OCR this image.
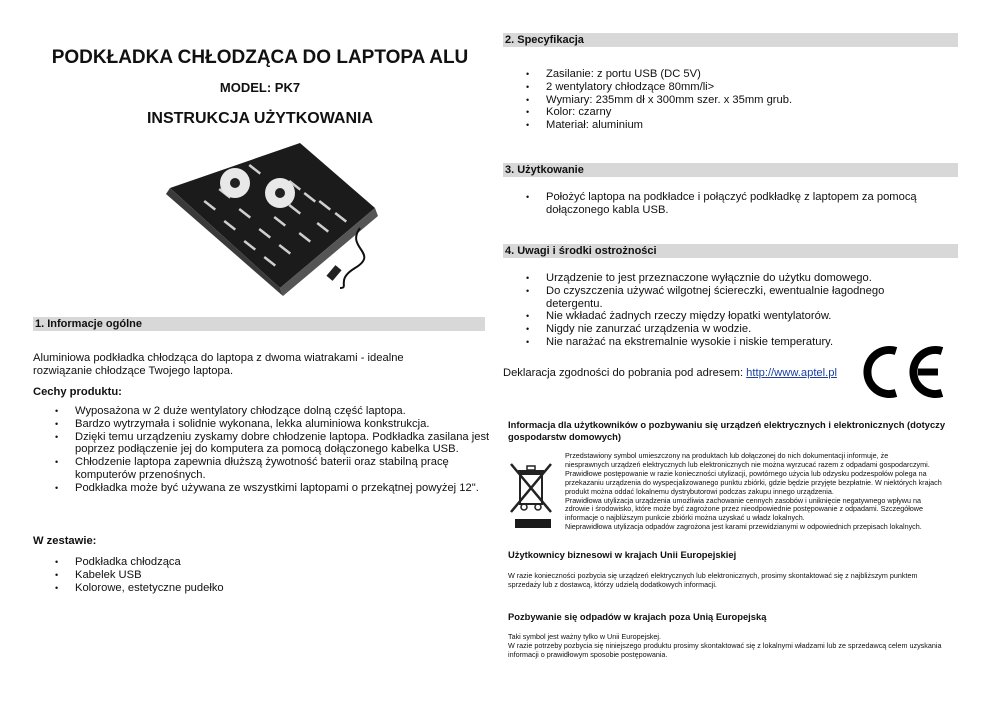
PODKŁADKA CHŁODZĄCA DO LAPTOPA ALU
MODEL: PK7
INSTRUKCJA UŻYTKOWANIA
1. Informacje ogólne
Aluminiowa podkładka chłodząca do laptopa z dwoma wiatrakami - idealne rozwiązanie chłodzące Twojego laptopa.
Cechy produktu:
• Wyposażona w 2 duże wentylatory chłodzące dolną część laptopa.
• Bardzo wytrzymała i solidnie wykonana, lekka aluminiowa konkstrukcja.
• Dzięki temu urządzeniu zyskamy dobre chłodzenie laptopa. Podkładka zasilana jest poprzez podłączenie jej do komputera za pomocą dołączonego kabelka USB.
• Chłodzenie laptopa zapewnia dłuższą żywotność baterii oraz stabilną pracę komputerów przenośnych.
• Podkładka może być używana ze wszystkimi laptopami o przekątnej powyżej 12".
W zestawie:
• Podkładka chłodząca
• Kabelek USB
• Kolorowe, estetyczne pudełko
2. Specyfikacja
• Zasilanie: z portu USB (DC 5V)
• 2 wentylatory chłodzące 80mm/li>
• Wymiary: 235mm dł x 300mm szer. x 35mm grub.
• Kolor: czarny
• Materiał: aluminium
3. Użytkowanie
• Położyć laptopa na podkładce i połączyć podkładkę z laptopem za pomocą dołączonego kabla USB.
4. Uwagi i środki ostrożności
• Urządzenie to jest przeznaczone wyłącznie do użytku domowego.
• Do czyszczenia używać wilgotnej ściereczki, ewentualnie łagodnego detergentu.
• Nie wkładać żadnych rzeczy między łopatki wentylatorów.
• Nigdy nie zanurzać urządzenia w wodzie.
• Nie narażać na ekstremalnie wysokie i niskie temperatury.
Deklaracja zgodności do pobrania pod adresem: http://www.aptel.pl
Informacja dla użytkowników o pozbywaniu się urządzeń elektrycznych i elektronicznych (dotyczy gospodarstw domowych)
Przedstawiony symbol umieszczony na produktach lub dołączonej do nich dokumentacji informuje, że
niesprawnych urządzeń elektrycznych lub elektronicznych nie można wyrzucać razem z odpadami gospodarczymi.
Prawidłowe postępowanie w razie konieczności utylizacji, powtórnego użycia lub odzysku podzespołów polega na
przekazaniu urządzenia do wyspecjalizowanego punktu zbiórki, gdzie będzie przyjęte bezpłatnie. W niektórych krajach
produkt można oddać lokalnemu dystrybutorowi podczas zakupu innego urządzenia.
Prawidłowa utylizacja urządzenia umożliwia zachowanie cennych zasobów i uniknięcie negatywnego wpływu na
zdrowie i środowisko, które może być zagrożone przez nieodpowiednie postępowanie z odpadami. Szczegółowe
informacje o najbliższym punkcie zbiórki można uzyskać u władz lokalnych.
Nieprawidłowa utylizacja odpadów zagrożona jest karami przewidzianymi w odpowiednich przepisach lokalnych.
Użytkownicy biznesowi w krajach Unii Europejskiej
W razie konieczności pozbycia się urządzeń elektrycznych lub elektronicznych, prosimy skontaktować się z najbliższym punktem
sprzedaży lub z dostawcą, którzy udzielą dodatkowych informacji.
Pozbywanie się odpadów w krajach poza Unią Europejską
Taki symbol jest ważny tylko w Unii Europejskej.
W razie potrzeby pozbycia się niniejszego produktu prosimy skontaktować się z lokalnymi władzami lub ze sprzedawcą celem uzyskania
informacji o prawidłowym sposobie postępowania.
